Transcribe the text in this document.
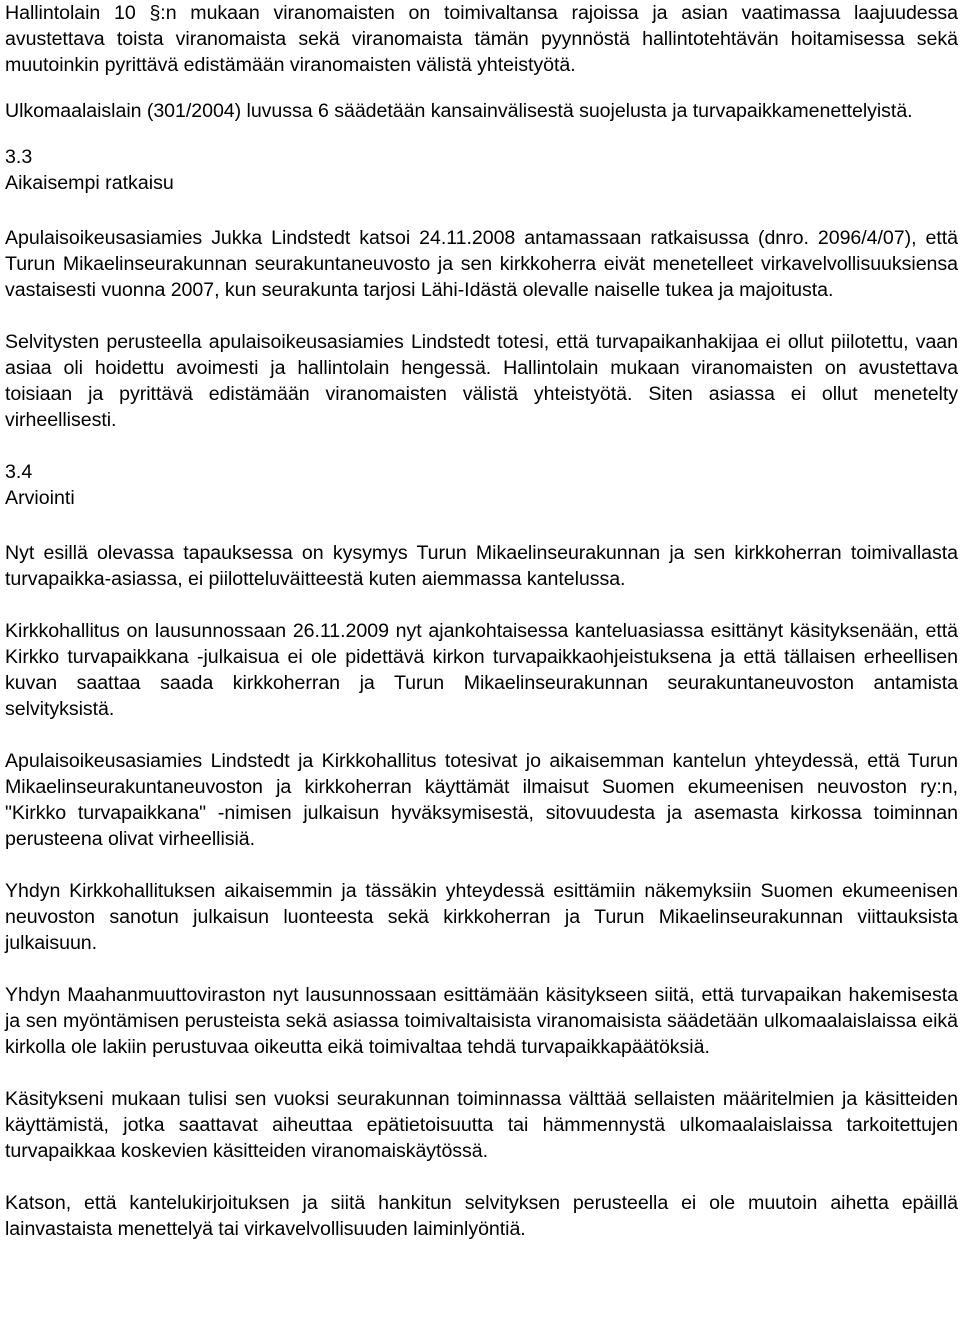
Hallintolain 10 §:n mukaan viranomaisten on toimivaltansa rajoissa ja asian vaatimassa laajuudessa avustettava toista viranomaista sekä viranomaista tämän pyynnöstä hallintotehtävän hoitamisessa sekä muutoinkin pyrittävä edistämään viranomaisten välistä yhteistyötä.

Ulkomaalaislain (301/2004) luvussa 6 säädetään kansainvälisestä suojelusta ja turvapaikkamenettelyistä.

3.3

Aikaisempi ratkaisu

Apulaisoikeusasiamies Jukka Lindstedt katsoi 24.11.2008 antamassaan ratkaisussa (dnro. 2096/4/07), että Turun Mikaelinseurakunnan seurakuntaneuvosto ja sen kirkkoherra eivät menetelleet virkavelvollisuuksiensa vastaisesti vuonna 2007, kun seurakunta tarjosi Lähi-Idästä olevalle naiselle tukea ja majoitusta.

Selvitysten perusteella apulaisoikeusasiamies Lindstedt totesi, että turvapaikanhakijaa ei ollut piilotettu, vaan asiaa oli hoidettu avoimesti ja hallintolain hengessä. Hallintolain mukaan viranomaisten on avustettava toisiaan ja pyrittävä edistämään viranomaisten välistä yhteistyötä. Siten asiassa ei ollut menetelty virheellisesti.

3.4

Arviointi

Nyt esillä olevassa tapauksessa on kysymys Turun Mikaelinseurakunnan ja sen kirkkoherran toimivallasta turvapaikka-asiassa, ei piilotteluväitteestä kuten aiemmassa kantelussa.

Kirkkohallitus on lausunnossaan 26.11.2009 nyt ajankohtaisessa kanteluasiassa esittänyt käsityksenään, että Kirkko turvapaikkana -julkaisua ei ole pidettävä kirkon turvapaikkaohjeistuksena ja että tällaisen erheellisen kuvan saattaa saada kirkkoherran ja Turun Mikaelinseurakunnan seurakuntaneuvoston antamista selvityksistä.

Apulaisoikeusasiamies Lindstedt ja Kirkkohallitus totesivat jo aikaisemman kantelun yhteydessä, että Turun Mikaelinseurakuntaneuvoston ja kirkkoherran käyttämät ilmaisut Suomen ekumeenisen neuvoston ry:n, "Kirkko turvapaikkana" -nimisen julkaisun hyväksymisestä, sitovuudesta ja asemasta kirkossa toiminnan perusteena olivat virheellisiä.

Yhdyn Kirkkohallituksen aikaisemmin ja tässäkin yhteydessä esittämiin näkemyksiin Suomen ekumeenisen neuvoston sanotun julkaisun luonteesta sekä kirkkoherran ja Turun Mikaelinseurakunnan viittauksista julkaisuun.

Yhdyn Maahanmuuttoviraston nyt lausunnossaan esittämään käsitykseen siitä, että turvapaikan hakemisesta ja sen myöntämisen perusteista sekä asiassa toimivaltaisista viranomaisista säädetään ulkomaalaislaissa eikä kirkolla ole lakiin perustuvaa oikeutta eikä toimivaltaa tehdä turvapaikkapäätöksiä.

Käsitykseni mukaan tulisi sen vuoksi seurakunnan toiminnassa välttää sellaisten määritelmien ja käsitteiden käyttämistä, jotka saattavat aiheuttaa epätietoisuutta tai hämmennystä ulkomaalaislaissa tarkoitettujen turvapaikkaa koskevien käsitteiden viranomaiskäytössä.

Katson, että kantelukirjoituksen ja siitä hankitun selvityksen perusteella ei ole muutoin aihetta epäillä lainvastaista menettelyä tai virkavelvollisuuden laiminlyöntiä.
